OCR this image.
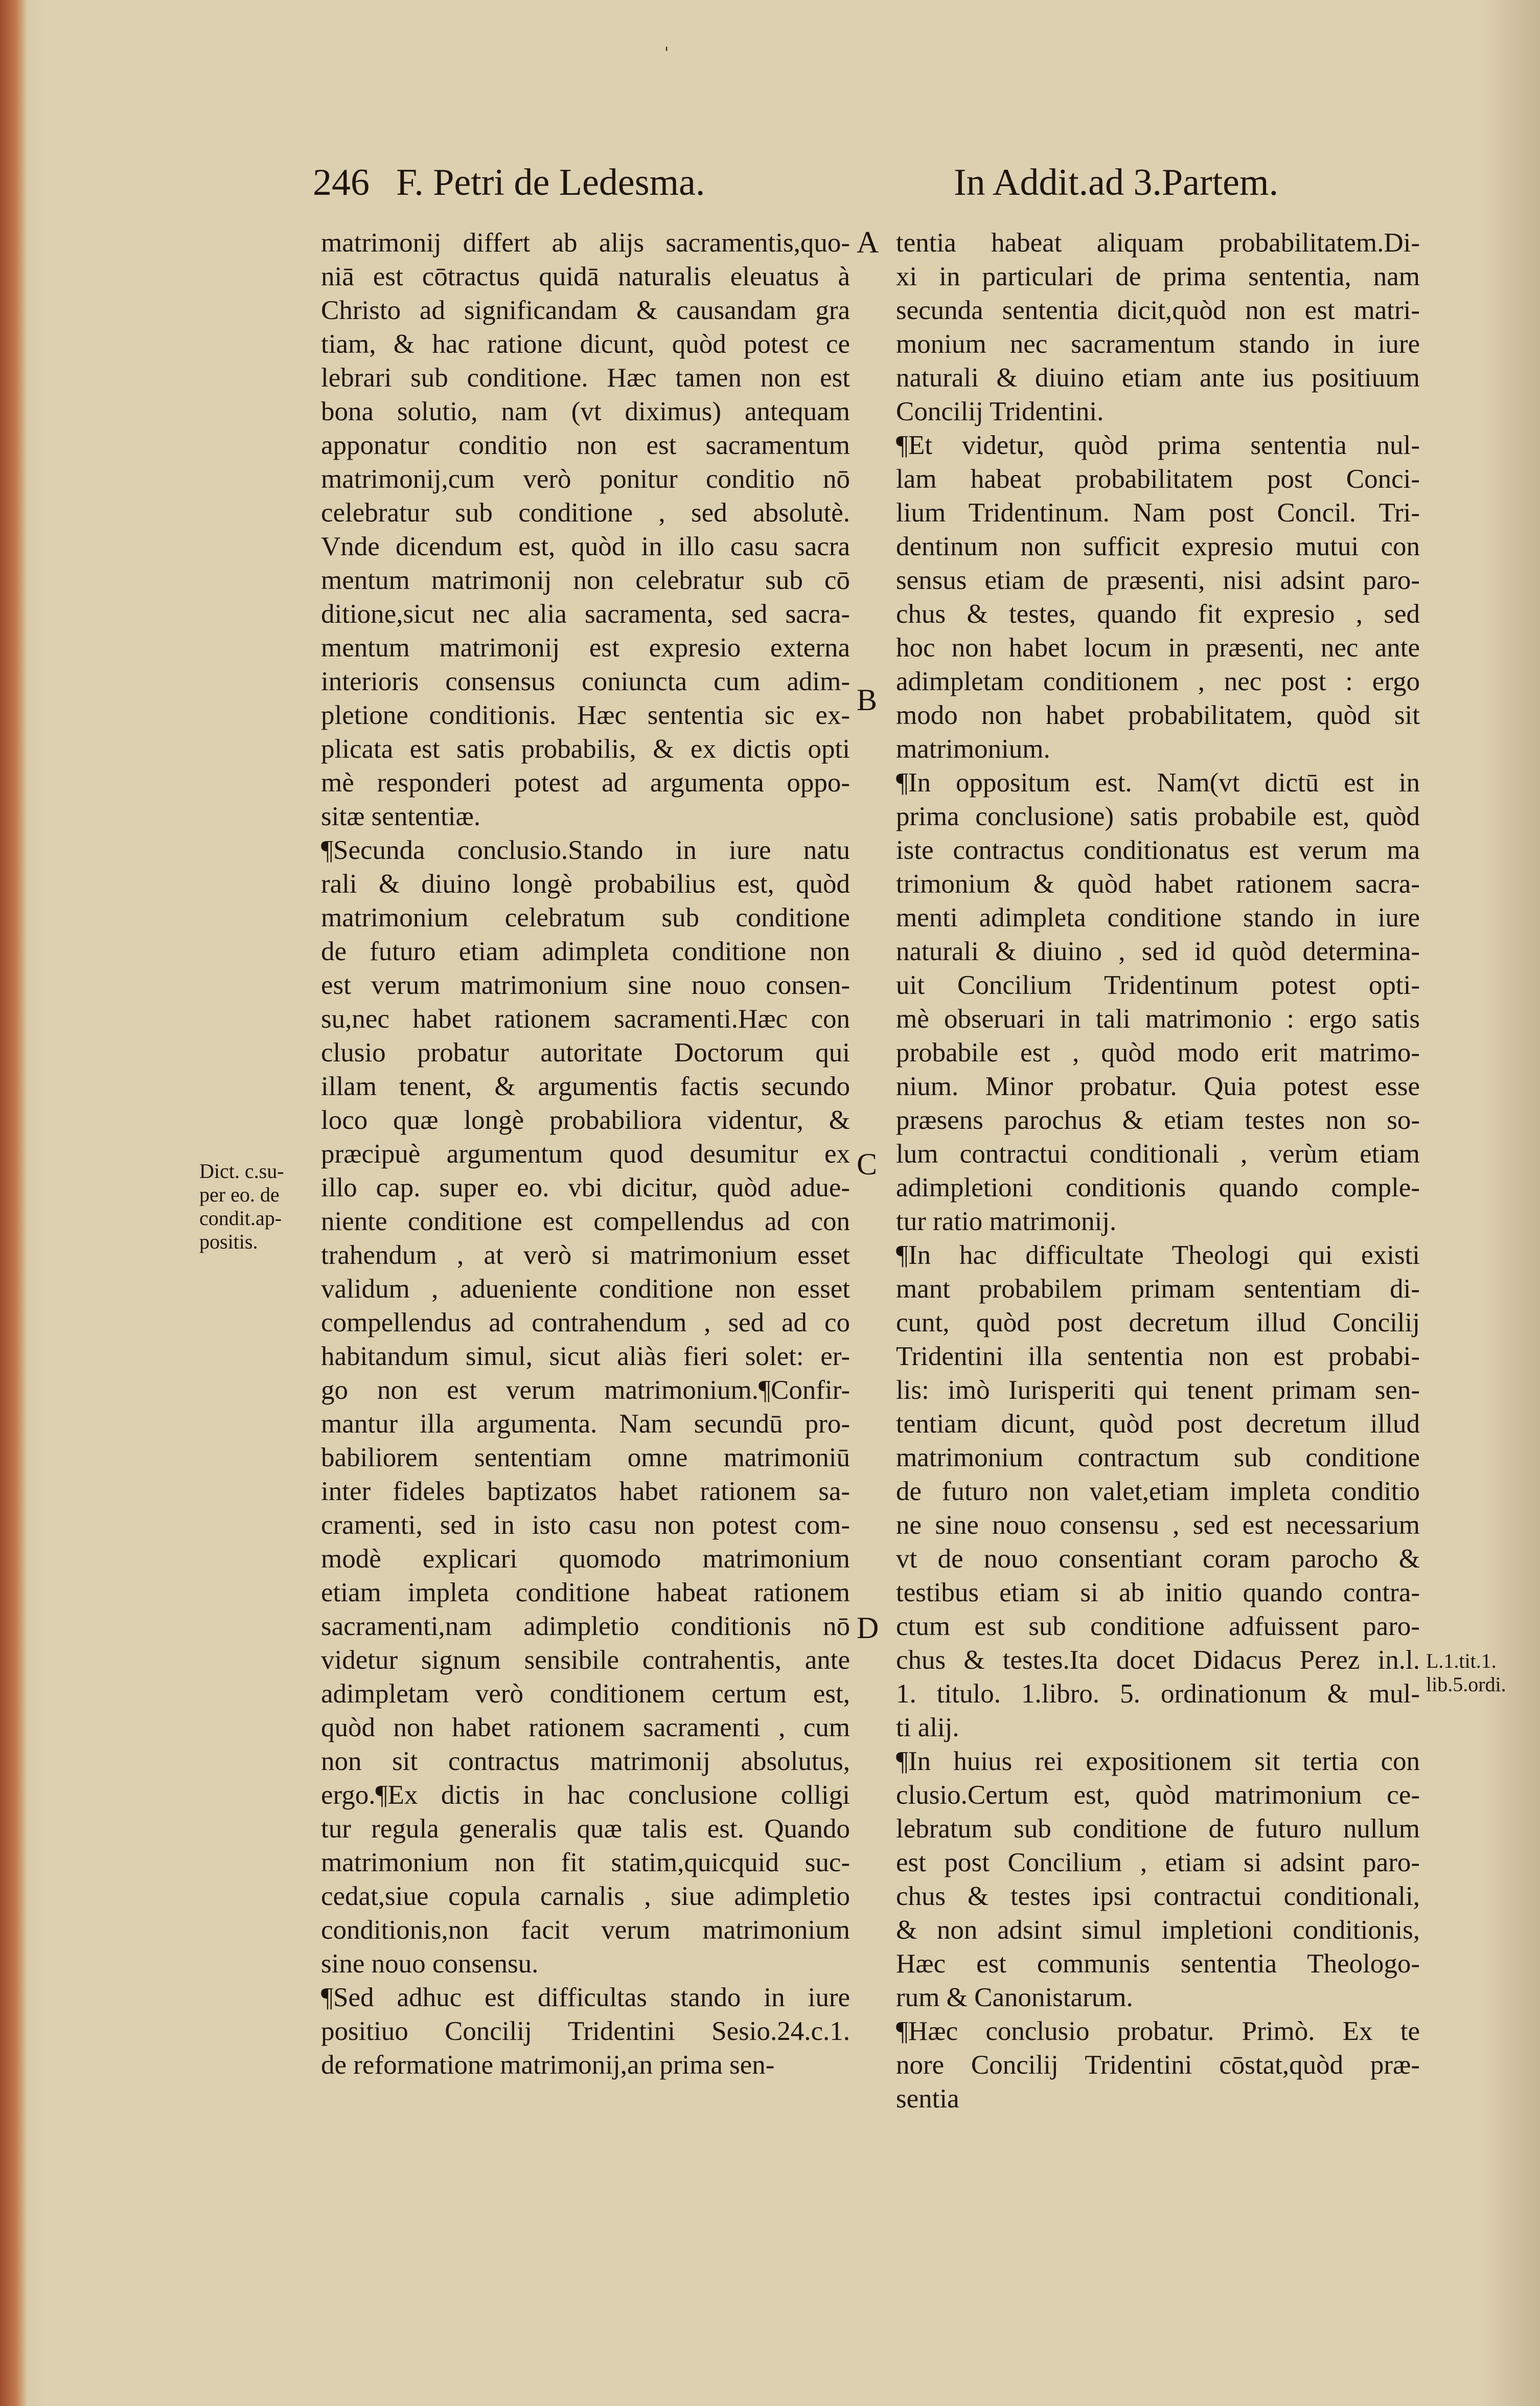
'
246 F. Petri de Ledesma.	In Addit.ad 3.Partem.
matrimonij differt ab alijs sacramentis,quo-
niā est cōtractus quidā naturalis eleuatus à
Christo ad significandam & causandam gra
tiam, & hac ratione dicunt, quòd potest ce
lebrari sub conditione. Hæc tamen non est
bona solutio, nam (vt diximus) antequam
apponatur conditio non est sacramentum
matrimonij,cum verò ponitur conditio nō
celebratur sub conditione , sed absolutè.
Vnde dicendum est, quòd in illo casu sacra
mentum matrimonij non celebratur sub cō
ditione,sicut nec alia sacramenta, sed sacra-
mentum matrimonij est expresio externa
interioris consensus coniuncta cum adim-
pletione conditionis. Hæc sententia sic ex-
plicata est satis probabilis, & ex dictis opti
mè responderi potest ad argumenta oppo-
sitæ sententiæ.
¶Secunda conclusio.Stando in iure natu
rali & diuino longè probabilius est, quòd
matrimonium celebratum sub conditione
de futuro etiam adimpleta conditione non
est verum matrimonium sine nouo consen-
su,nec habet rationem sacramenti.Hæc con
clusio probatur autoritate Doctorum qui
illam tenent, & argumentis factis secundo
loco quæ longè probabiliora videntur, &
præcipuè argumentum quod desumitur ex
illo cap. super eo. vbi dicitur, quòd adue-
niente conditione est compellendus ad con
trahendum , at verò si matrimonium esset
validum , adueniente conditione non esset
compellendus ad contrahendum , sed ad co
habitandum simul, sicut aliàs fieri solet: er-
go non est verum matrimonium.¶Confir-
mantur illa argumenta. Nam secundū pro-
babiliorem sententiam omne matrimoniū
inter fideles baptizatos habet rationem sa-
cramenti, sed in isto casu non potest com-
modè explicari quomodo matrimonium
etiam impleta conditione habeat rationem
sacramenti,nam adimpletio conditionis nō
videtur signum sensibile contrahentis, ante
adimpletam verò conditionem certum est,
quòd non habet rationem sacramenti , cum
non sit contractus matrimonij absolutus,
ergo.¶Ex dictis in hac conclusione colligi
tur regula generalis quæ talis est. Quando
matrimonium non fit statim,quicquid suc-
cedat,siue copula carnalis , siue adimpletio
conditionis,non facit verum matrimonium
sine nouo consensu.
¶Sed adhuc est difficultas stando in iure
positiuo Concilij Tridentini Sesio.24.c.1.
de reformatione matrimonij,an prima sen-
tentia habeat aliquam probabilitatem.Di-
xi in particulari de prima sententia, nam
secunda sententia dicit,quòd non est matri-
monium nec sacramentum stando in iure
naturali & diuino etiam ante ius positiuum
Concilij Tridentini.
¶Et videtur, quòd prima sententia nul-
lam habeat probabilitatem post Conci-
lium Tridentinum. Nam post Concil. Tri-
dentinum non sufficit expresio mutui con
sensus etiam de præsenti, nisi adsint paro-
chus & testes, quando fit expresio , sed
hoc non habet locum in præsenti, nec ante
adimpletam conditionem , nec post : ergo
modo non habet probabilitatem, quòd sit
matrimonium.
¶In oppositum est. Nam(vt dictū est in
prima conclusione) satis probabile est, quòd
iste contractus conditionatus est verum ma
trimonium & quòd habet rationem sacra-
menti adimpleta conditione stando in iure
naturali & diuino , sed id quòd determina-
uit Concilium Tridentinum potest opti-
mè obseruari in tali matrimonio : ergo satis
probabile est , quòd modo erit matrimo-
nium. Minor probatur. Quia potest esse
præsens parochus & etiam testes non so-
lum contractui conditionali , verùm etiam
adimpletioni conditionis quando comple-
tur ratio matrimonij.
¶In hac difficultate Theologi qui existi
mant probabilem primam sententiam di-
cunt, quòd post decretum illud Concilij
Tridentini illa sententia non est probabi-
lis: imò Iurisperiti qui tenent primam sen-
tentiam dicunt, quòd post decretum illud
matrimonium contractum sub conditione
de futuro non valet,etiam impleta conditio
ne sine nouo consensu , sed est necessarium
vt de nouo consentiant coram parocho &
testibus etiam si ab initio quando contra-
ctum est sub conditione adfuissent paro-
chus & testes.Ita docet Didacus Perez in.l.
1. titulo. 1.libro. 5. ordinationum & mul-
ti alij.
¶In huius rei expositionem sit tertia con
clusio.Certum est, quòd matrimonium ce-
lebratum sub conditione de futuro nullum
est post Concilium , etiam si adsint paro-
chus & testes ipsi contractui conditionali,
& non adsint simul impletioni conditionis,
Hæc est communis sententia Theologo-
rum & Canonistarum.
¶Hæc conclusio probatur. Primò. Ex te
nore Concilij Tridentini cōstat,quòd præ-
sentia
A
B
C
D
Dict. c.su-
per eo. de
condit.ap-
positis.
L.1.tit.1.
lib.5.ordi.
